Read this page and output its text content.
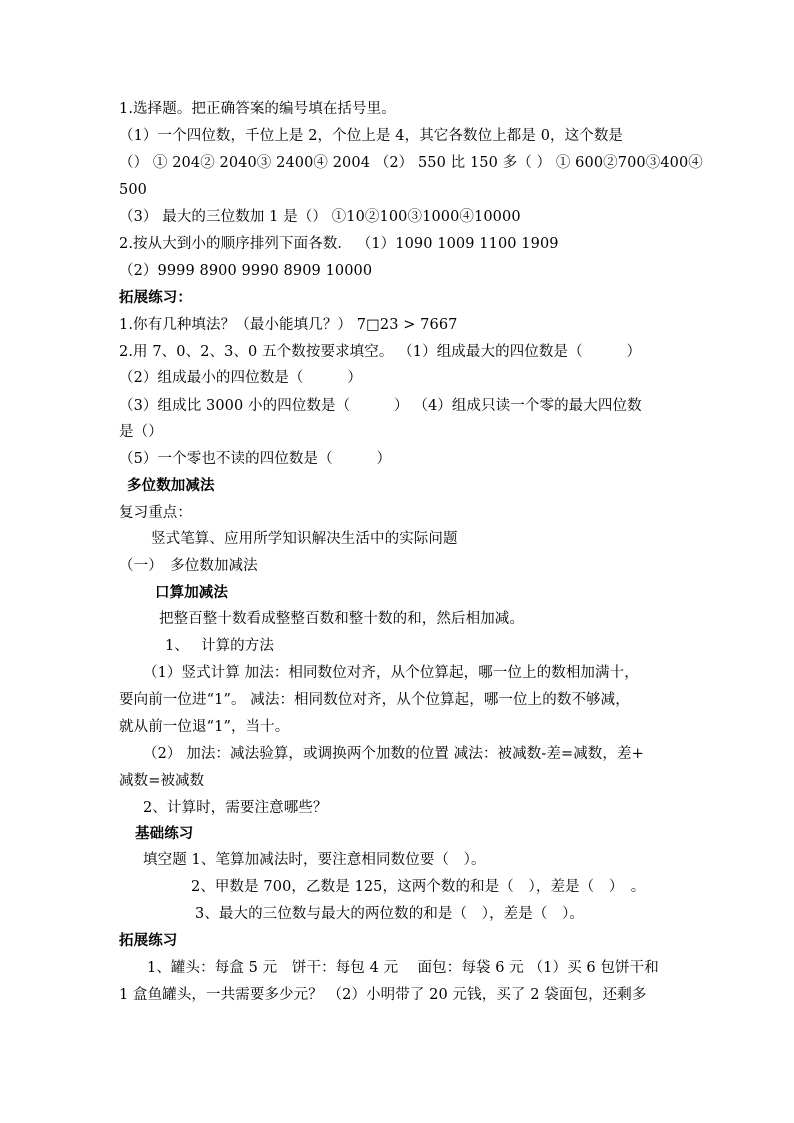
1.选择题。把正确答案的编号填在括号里。
（1）一个四位数，千位上是 2，个位上是 4，其它各数位上都是 0，这个数是
（） ① 204② 2040③ 2400④ 2004 （2） 550 比 150 多（ ） ① 600②700③400④
500
（3） 最大的三位数加 1 是（） ①10②100③1000④10000
2.按从大到小的顺序排列下面各数． （1）1090 1009 1100 1909
（2）9999 8900 9990 8909 10000
拓展练习：
1.你有几种填法？（最小能填几？） 7□23 > 7667
2.用 7、0、2、3、0 五个数按要求填空。 （1）组成最大的四位数是（　　　）
（2）组成最小的四位数是（　　　）
（3）组成比 3000 小的四位数是（　　　） （4）组成只读一个零的最大四位数
是（）
（5）一个零也不读的四位数是（　　　）
多位数加减法
复习重点：
竖式笔算、应用所学知识解决生活中的实际问题
（一）　多位数加减法
口算加减法
把整百整十数看成整整百数和整十数的和，然后相加减。
1、　 计算的方法
（1）竖式计算 加法：相同数位对齐，从个位算起，哪一位上的数相加满十，
要向前一位进“1”。 减法：相同数位对齐，从个位算起，哪一位上的数不够减，
就从前一位退“1”，当十。
（2） 加法：减法验算，或调换两个加数的位置 减法：被减数-差=减数，差+
减数=被减数
2、计算时，需要注意哪些？
基础练习
填空题 1、笔算加减法时，要注意相同数位要（　）。
2、甲数是 700，乙数是 125，这两个数的和是（　），差是（　）　。
3、最大的三位数与最大的两位数的和是（　），差是（　）。
拓展练习
1、罐头：每盒 5 元　饼干：每包 4 元　 面包：每袋 6 元 （1）买 6 包饼干和
1 盒鱼罐头，一共需要多少元？ （2）小明带了 20 元钱，买了 2 袋面包，还剩多
